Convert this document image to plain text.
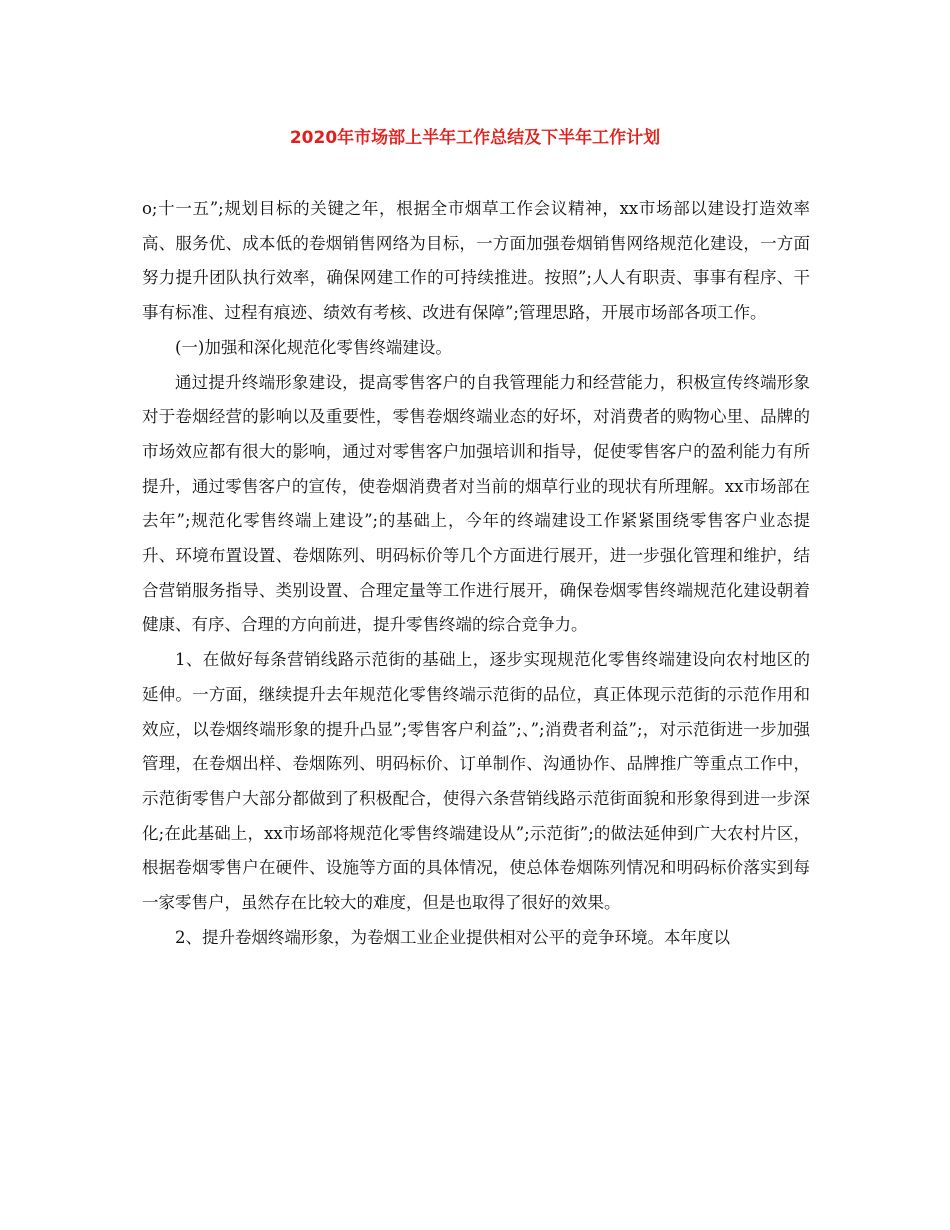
2020年市场部上半年工作总结及下半年工作计划

o;十一五”;规划目标的关键之年，根据全市烟草工作会议精神，xx市场部以建设打造效率高、服务优、成本低的卷烟销售网络为目标，一方面加强卷烟销售网络规范化建设，一方面努力提升团队执行效率，确保网建工作的可持续推进。按照”;人人有职责、事事有程序、干事有标准、过程有痕迹、绩效有考核、改进有保障”;管理思路，开展市场部各项工作。

(一)加强和深化规范化零售终端建设。

通过提升终端形象建设，提高零售客户的自我管理能力和经营能力，积极宣传终端形象对于卷烟经营的影响以及重要性，零售卷烟终端业态的好坏，对消费者的购物心里、品牌的市场效应都有很大的影响，通过对零售客户加强培训和指导，促使零售客户的盈利能力有所提升，通过零售客户的宣传，使卷烟消费者对当前的烟草行业的现状有所理解。xx市场部在去年”;规范化零售终端上建设”;的基础上，今年的终端建设工作紧紧围绕零售客户业态提升、环境布置设置、卷烟陈列、明码标价等几个方面进行展开，进一步强化管理和维护，结合营销服务指导、类别设置、合理定量等工作进行展开，确保卷烟零售终端规范化建设朝着健康、有序、合理的方向前进，提升零售终端的综合竞争力。

1、在做好每条营销线路示范街的基础上，逐步实现规范化零售终端建设向农村地区的延伸。一方面，继续提升去年规范化零售终端示范街的品位，真正体现示范街的示范作用和效应，以卷烟终端形象的提升凸显”;零售客户利益”;、”;消费者利益”;，对示范街进一步加强管理，在卷烟出样、卷烟陈列、明码标价、订单制作、沟通协作、品牌推广等重点工作中，示范街零售户大部分都做到了积极配合，使得六条营销线路示范街面貌和形象得到进一步深化;在此基础上，xx市场部将规范化零售终端建设从”;示范街”;的做法延伸到广大农村片区，根据卷烟零售户在硬件、设施等方面的具体情况，使总体卷烟陈列情况和明码标价落实到每一家零售户，虽然存在比较大的难度，但是也取得了很好的效果。

2、提升卷烟终端形象，为卷烟工业企业提供相对公平的竞争环境。本年度以
